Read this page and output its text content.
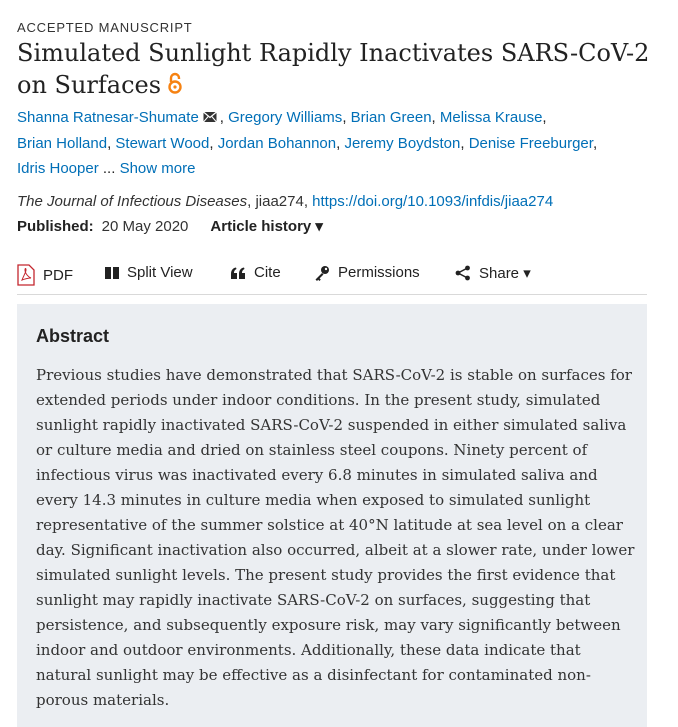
ACCEPTED MANUSCRIPT
Simulated Sunlight Rapidly Inactivates SARS-CoV-2 on Surfaces
Shanna Ratnesar-Shumate , Gregory Williams, Brian Green, Melissa Krause,
Brian Holland, Stewart Wood, Jordan Bohannon, Jeremy Boydston, Denise Freeburger,
Idris Hooper ... Show more
The Journal of Infectious Diseases, jiaa274, https://doi.org/10.1093/infdis/jiaa274
Published: 20 May 2020 Article history ▾
PDF	Split View	Cite	Permissions	Share ▾
Abstract

Previous studies have demonstrated that SARS-CoV-2 is stable on surfaces for extended periods under indoor conditions. In the present study, simulated sunlight rapidly inactivated SARS-CoV-2 suspended in either simulated saliva or culture media and dried on stainless steel coupons. Ninety percent of infectious virus was inactivated every 6.8 minutes in simulated saliva and every 14.3 minutes in culture media when exposed to simulated sunlight representative of the summer solstice at 40°N latitude at sea level on a clear day. Significant inactivation also occurred, albeit at a slower rate, under lower simulated sunlight levels. The present study provides the first evidence that sunlight may rapidly inactivate SARS-CoV-2 on surfaces, suggesting that persistence, and subsequently exposure risk, may vary significantly between indoor and outdoor environments. Additionally, these data indicate that natural sunlight may be effective as a disinfectant for contaminated non-porous materials.
